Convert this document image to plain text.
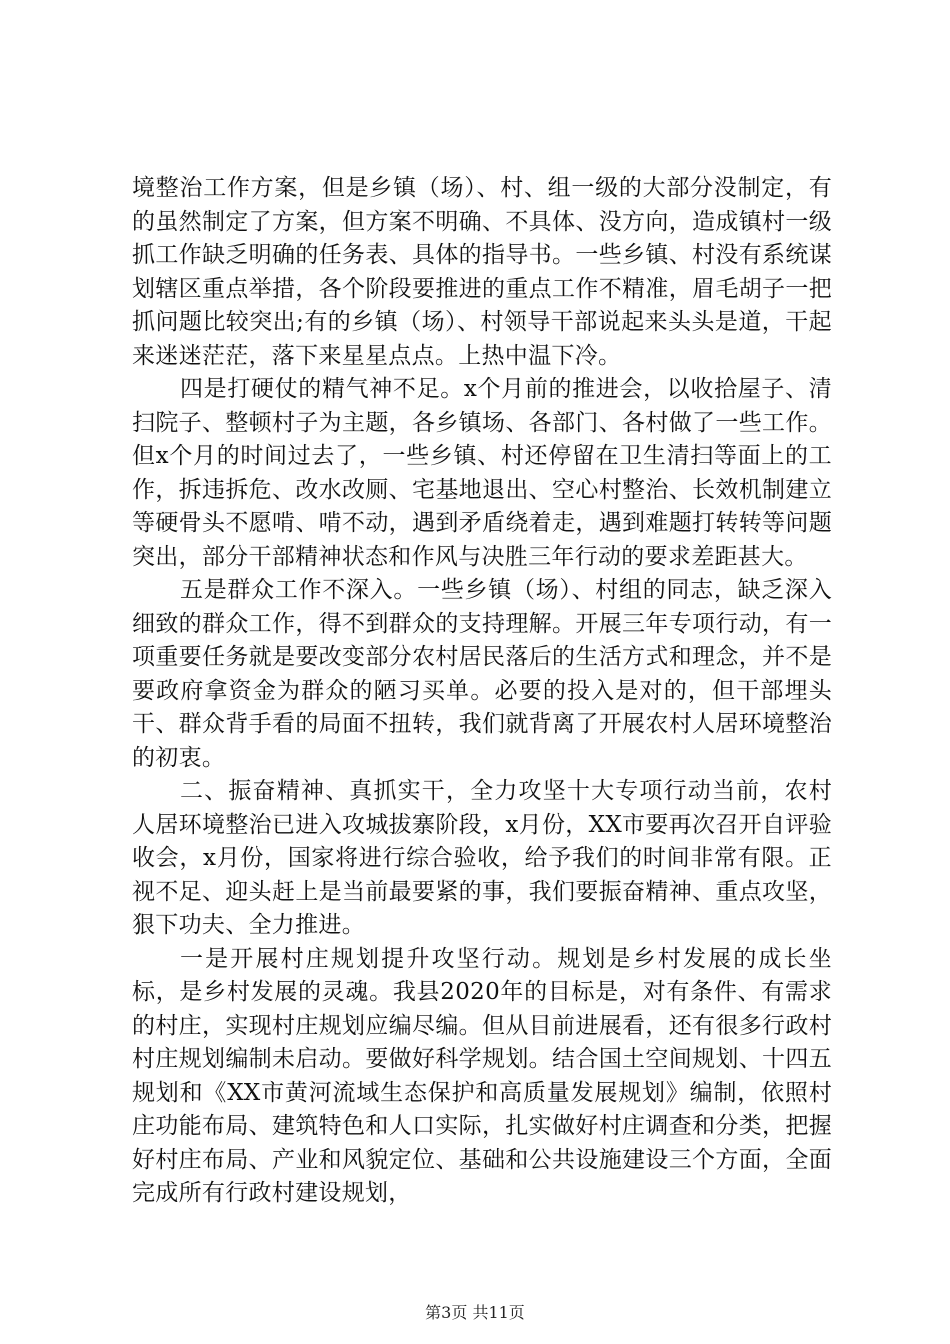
境整治工作方案，但是乡镇（场）、村、组一级的大部分没制定，有的虽然制定了方案，但方案不明确、不具体、没方向，造成镇村一级抓工作缺乏明确的任务表、具体的指导书。一些乡镇、村没有系统谋划辖区重点举措，各个阶段要推进的重点工作不精准，眉毛胡子一把抓问题比较突出;有的乡镇（场）、村领导干部说起来头头是道，干起来迷迷茫茫，落下来星星点点。上热中温下冷。

四是打硬仗的精气神不足。x个月前的推进会，以收拾屋子、清扫院子、整顿村子为主题，各乡镇场、各部门、各村做了一些工作。但x个月的时间过去了，一些乡镇、村还停留在卫生清扫等面上的工作，拆违拆危、改水改厕、宅基地退出、空心村整治、长效机制建立等硬骨头不愿啃、啃不动，遇到矛盾绕着走，遇到难题打转转等问题突出，部分干部精神状态和作风与决胜三年行动的要求差距甚大。

五是群众工作不深入。一些乡镇（场）、村组的同志，缺乏深入细致的群众工作，得不到群众的支持理解。开展三年专项行动，有一项重要任务就是要改变部分农村居民落后的生活方式和理念，并不是要政府拿资金为群众的陋习买单。必要的投入是对的，但干部埋头干、群众背手看的局面不扭转，我们就背离了开展农村人居环境整治的初衷。

二、振奋精神、真抓实干，全力攻坚十大专项行动当前，农村人居环境整治已进入攻城拔寨阶段，x月份，XX市要再次召开自评验收会，x月份，国家将进行综合验收，给予我们的时间非常有限。正视不足、迎头赶上是当前最要紧的事，我们要振奋精神、重点攻坚，狠下功夫、全力推进。

一是开展村庄规划提升攻坚行动。规划是乡村发展的成长坐标，是乡村发展的灵魂。我县2020年的目标是，对有条件、有需求的村庄，实现村庄规划应编尽编。但从目前进展看，还有很多行政村村庄规划编制未启动。要做好科学规划。结合国土空间规划、十四五规划和《XX市黄河流域生态保护和高质量发展规划》编制，依照村庄功能布局、建筑特色和人口实际，扎实做好村庄调查和分类，把握好村庄布局、产业和风貌定位、基础和公共设施建设三个方面，全面完成所有行政村建设规划，

第3页 共11页
